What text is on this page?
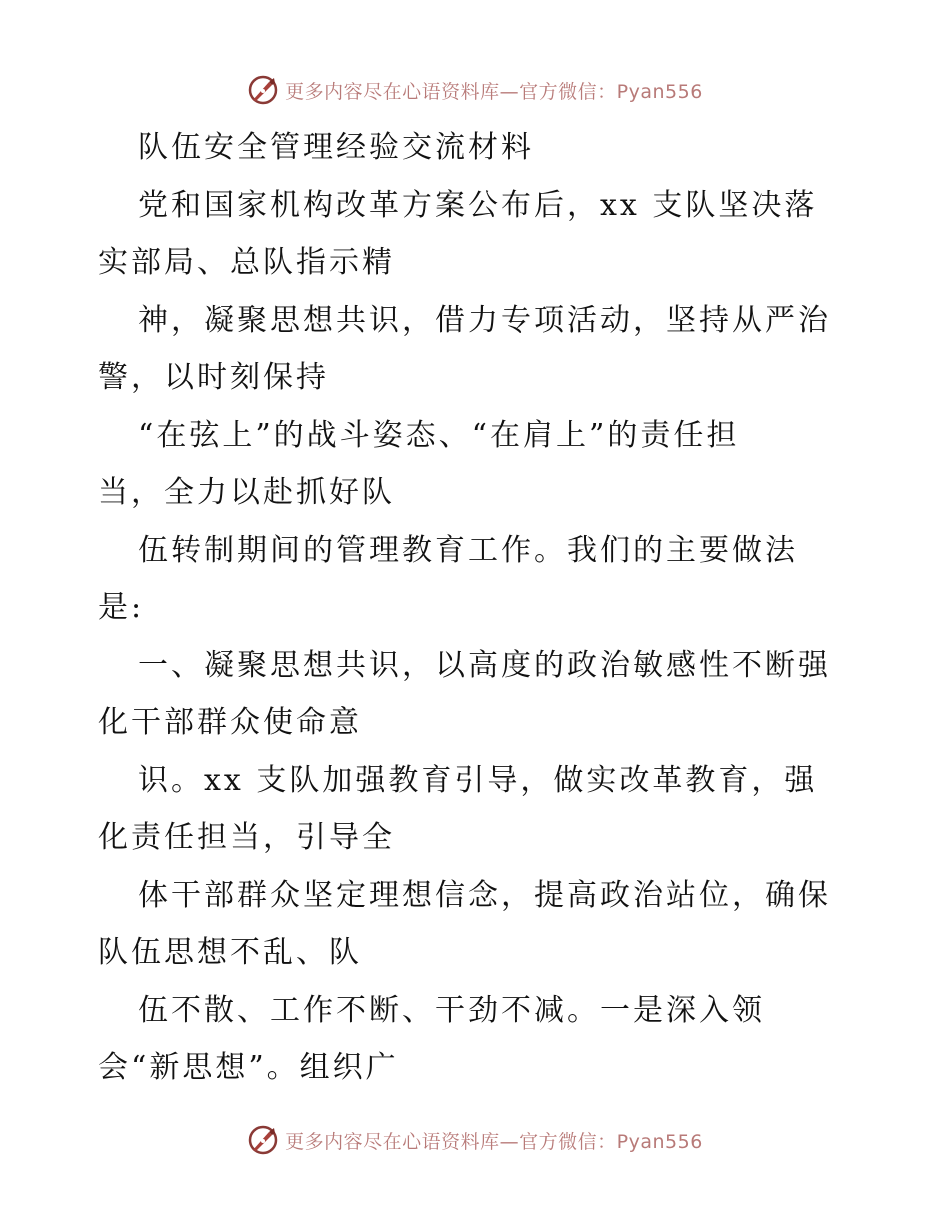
更多内容尽在心语资料库—官方微信：Pyan556
队伍安全管理经验交流材料
党和国家机构改革方案公布后，xx 支队坚决落
实部局、总队指示精
神，凝聚思想共识，借力专项活动，坚持从严治
警，以时刻保持
“在弦上”的战斗姿态、“在肩上”的责任担
当，全力以赴抓好队
伍转制期间的管理教育工作。我们的主要做法
是:
一、凝聚思想共识，以高度的政治敏感性不断强
化干部群众使命意
识。xx 支队加强教育引导，做实改革教育，强
化责任担当，引导全
体干部群众坚定理想信念，提高政治站位，确保
队伍思想不乱、队
伍不散、工作不断、干劲不减。一是深入领
会“新思想”。组织广
更多内容尽在心语资料库—官方微信：Pyan556
